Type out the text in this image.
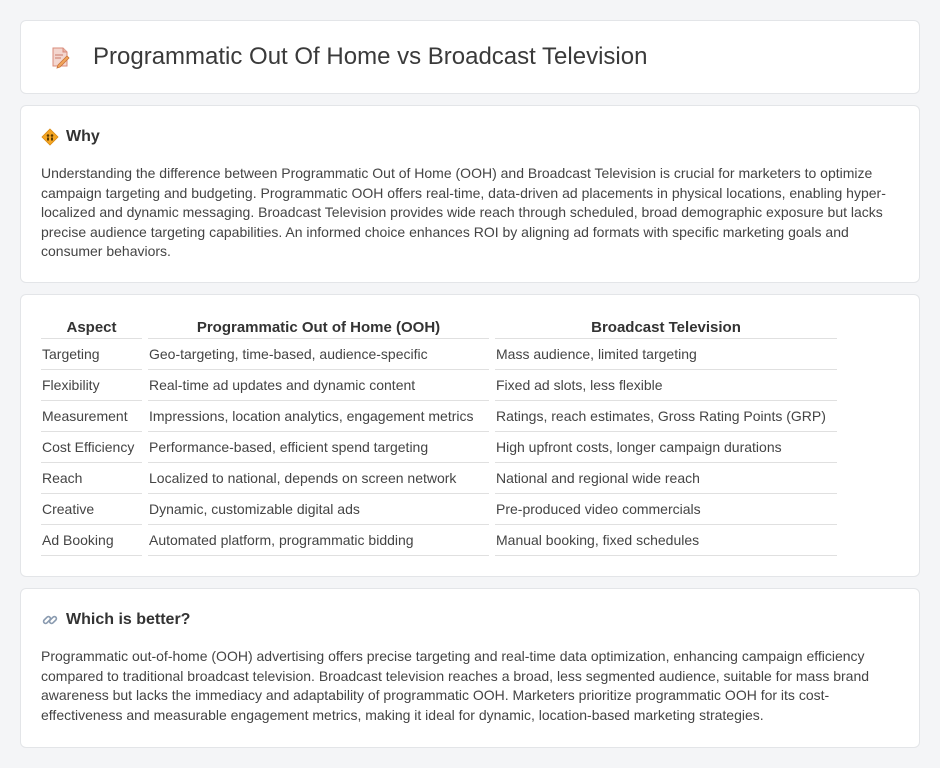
Programmatic Out Of Home vs Broadcast Television
Why

Understanding the difference between Programmatic Out of Home (OOH) and Broadcast Television is crucial for marketers to optimize campaign targeting and budgeting. Programmatic OOH offers real-time, data-driven ad placements in physical locations, enabling hyper-localized and dynamic messaging. Broadcast Television provides wide reach through scheduled, broad demographic exposure but lacks precise audience targeting capabilities. An informed choice enhances ROI by aligning ad formats with specific marketing goals and consumer behaviors.

Aspect	Programmatic Out of Home (OOH)	Broadcast Television
Targeting	Geo-targeting, time-based, audience-specific	Mass audience, limited targeting
Flexibility	Real-time ad updates and dynamic content	Fixed ad slots, less flexible
Measurement	Impressions, location analytics, engagement metrics	Ratings, reach estimates, Gross Rating Points (GRP)
Cost Efficiency	Performance-based, efficient spend targeting	High upfront costs, longer campaign durations
Reach	Localized to national, depends on screen network	National and regional wide reach
Creative	Dynamic, customizable digital ads	Pre-produced video commercials
Ad Booking	Automated platform, programmatic bidding	Manual booking, fixed schedules
Which is better?

Programmatic out-of-home (OOH) advertising offers precise targeting and real-time data optimization, enhancing campaign efficiency compared to traditional broadcast television. Broadcast television reaches a broad, less segmented audience, suitable for mass brand awareness but lacks the immediacy and adaptability of programmatic OOH. Marketers prioritize programmatic OOH for its cost-effectiveness and measurable engagement metrics, making it ideal for dynamic, location-based marketing strategies.
